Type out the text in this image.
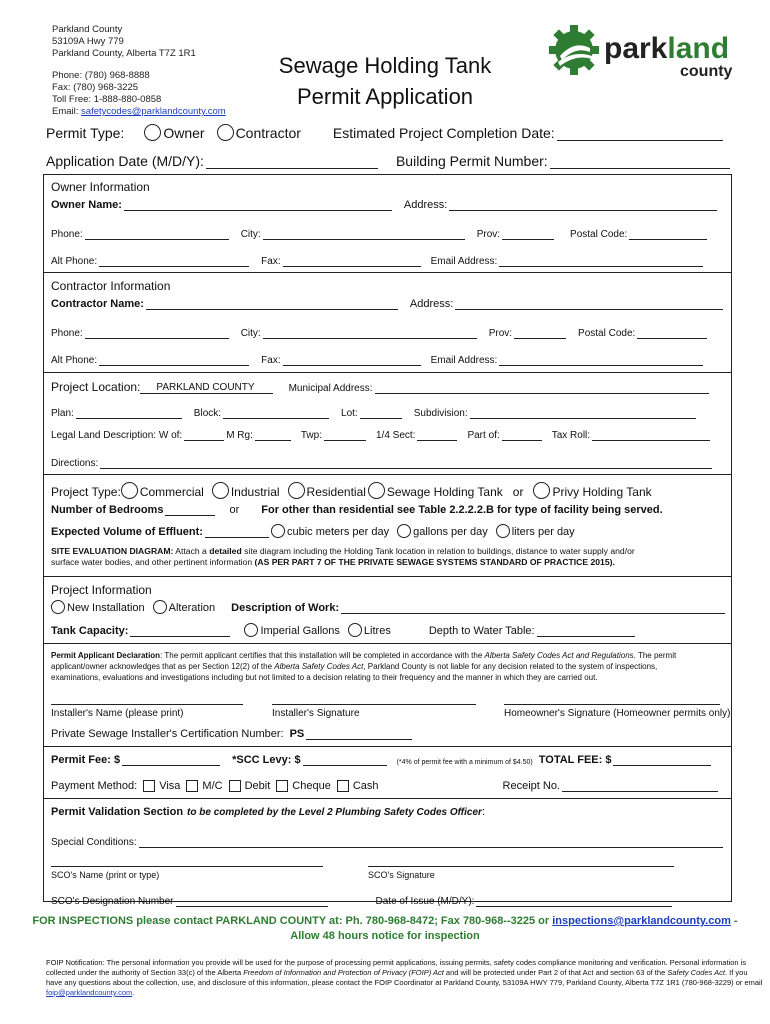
Parkland County
53109A Hwy 779
Parkland County, Alberta T7Z 1R1
Phone: (780) 968-8888
Fax: (780) 968-3225
Toll Free: 1-888-880-0858
Email: safetycodes@parklandcounty.com
Sewage Holding Tank
Permit Application
parkland
county
Permit Type:	Owner Contractor Estimated Project Completion Date:
Application Date (M/D/Y):	Building Permit Number:
Owner Information
Owner Name:	Address:
Phone:	City:	Prov:	Postal Code:
Alt Phone:	Fax:	Email Address:
Contractor Information
Contractor Name:	Address:
Phone:	City:	Prov:	Postal Code:
Alt Phone:	Fax:	Email Address:
Project Location:	PARKLAND COUNTY	Municipal Address:
Plan:	Block:	Lot:	Subdivision:
Legal Land Description: W of:	M Rg:	Twp:	1/4 Sect:	Part of:	Tax Roll:
Directions:
Project Type: Commercial Industrial Residential Sewage Holding Tank or Privy Holding Tank
Number of Bedrooms	or For other than residential see Table 2.2.2.2.B for type of facility being served.
Expected Volume of Effluent:	cubic meters per day gallons per day liters per day
SITE EVALUATION DIAGRAM: Attach a detailed site diagram including the Holding Tank location in relation to buildings, distance to water supply and/or
surface water bodies, and other pertinent information (AS PER PART 7 OF THE PRIVATE SEWAGE SYSTEMS STANDARD OF PRACTICE 2015).
Project Information
New Installation Alteration Description of Work:
Tank Capacity:	Imperial Gallons Litres	Depth to Water Table:
Permit Applicant Declaration: The permit applicant certifies that this installation will be completed in accordance with the Alberta Safety Codes Act and Regulations. The permit
applicant/owner acknowledges that as per Section 12(2) of the Alberta Safety Codes Act, Parkland County is not liable for any decision related to the system of inspections,
examinations, evaluations and investigations including but not limited to a decision relating to their frequency and the manner in which they are carried out.
Installer's Name (please print)	Installer's Signature	Homeowner's Signature (Homeowner permits only)
Private Sewage Installer's Certification Number: PS
Permit Fee: $	*SCC Levy: $	(*4% of permit fee with a minimum of $4.50) TOTAL FEE: $
Payment Method: Visa M/C Debit Cheque Cash	Receipt No.
Permit Validation Section to be completed by the Level 2 Plumbing Safety Codes Officer :
Special Conditions:
SCO's Name (print or type)	SCO's Signature
SCO's Designation Number	Date of Issue (M/D/Y):
FOR INSPECTIONS please contact PARKLAND COUNTY at: Ph. 780-968-8472; Fax 780-968--3225 or inspections@parklandcounty.com -
Allow 48 hours notice for inspection
FOIP Notification: The personal information you provide will be used for the purpose of processing permit applications, issuing permits, safety codes compliance monitoring and verification. Personal information is
collected under the authority of Section 33(c) of the Alberta Freedom of Information and Protection of Privacy (FOIP) Act and will be protected under Part 2 of that Act and section 63 of the Safety Codes Act. If you
have any questions about the collection, use, and disclosure of this information, please contact the FOIP Coordinator at Parkland County, 53109A HWY 779, Parkland County, Alberta T7Z 1R1 (780-968-3229) or email
foip@parklandcounty.com.
